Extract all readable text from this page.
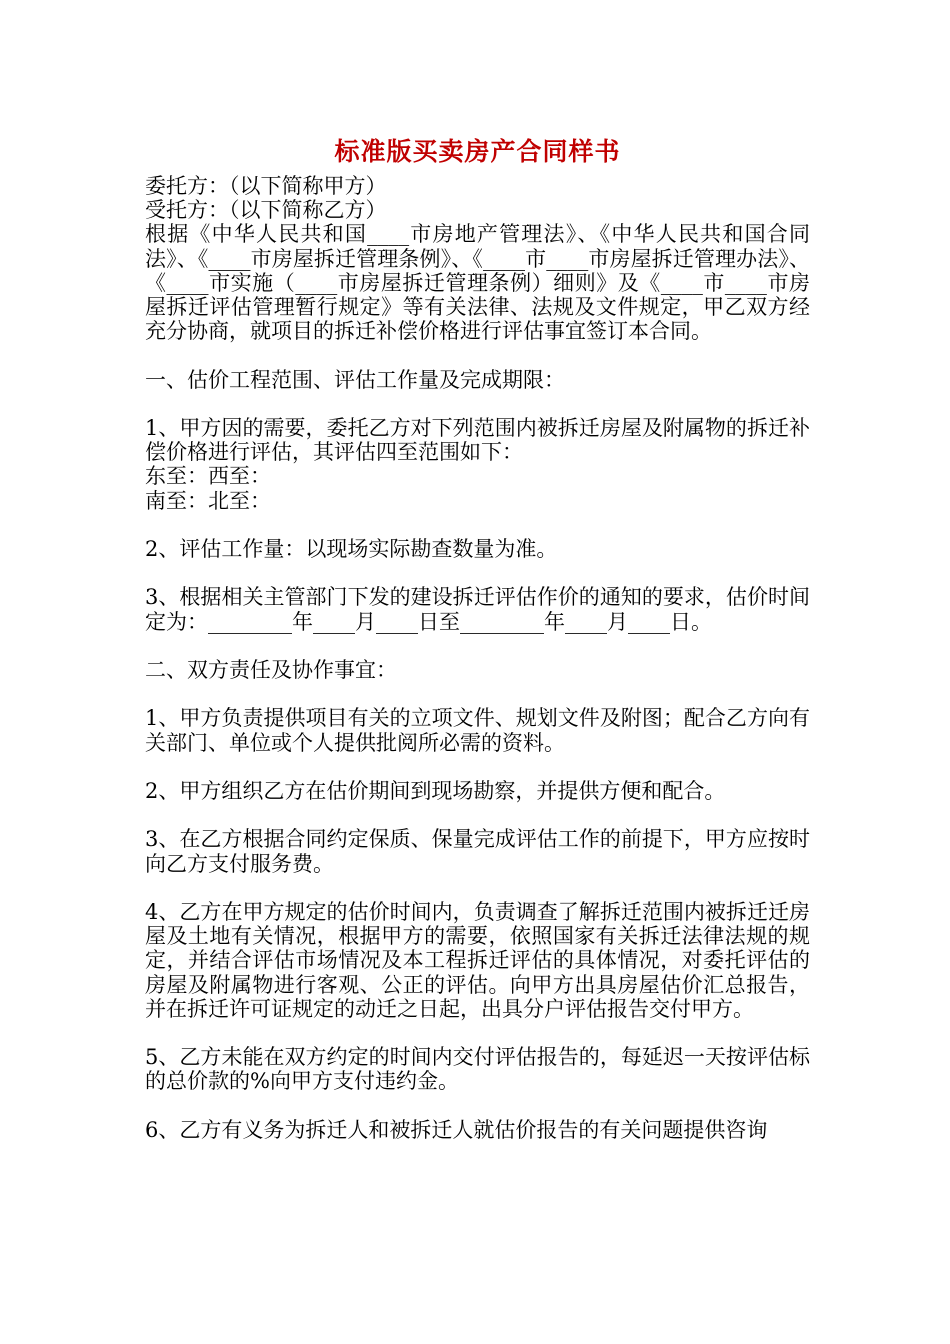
标准版买卖房产合同样书

委托方：（以下简称甲方）

受托方：（以下简称乙方）

根据《中华人民共和国____市房地产管理法》、《中华人民共和国合同法》、《____市房屋拆迁管理条例》、《____市____市房屋拆迁管理办法》、《____市实施（____市房屋拆迁管理条例）细则》及《____市____市房屋拆迁评估管理暂行规定》等有关法律、法规及文件规定，甲乙双方经充分协商，就项目的拆迁补偿价格进行评估事宜签订本合同。

一、估价工程范围、评估工作量及完成期限：

1、甲方因的需要，委托乙方对下列范围内被拆迁房屋及附属物的拆迁补偿价格进行评估，其评估四至范围如下：

东至：西至：

南至：北至：

2、评估工作量：以现场实际勘查数量为准。

3、根据相关主管部门下发的建设拆迁评估作价的通知的要求，估价时间定为：________年____月____日至________年____月____日。

二、双方责任及协作事宜：

1、甲方负责提供项目有关的立项文件、规划文件及附图；配合乙方向有关部门、单位或个人提供批阅所必需的资料。

2、甲方组织乙方在估价期间到现场勘察，并提供方便和配合。

3、在乙方根据合同约定保质、保量完成评估工作的前提下，甲方应按时向乙方支付服务费。

4、乙方在甲方规定的估价时间内，负责调查了解拆迁范围内被拆迁迁房屋及土地有关情况，根据甲方的需要，依照国家有关拆迁法律法规的规定，并结合评估市场情况及本工程拆迁评估的具体情况，对委托评估的房屋及附属物进行客观、公正的评估。向甲方出具房屋估价汇总报告，并在拆迁许可证规定的动迁之日起，出具分户评估报告交付甲方。

5、乙方未能在双方约定的时间内交付评估报告的，每延迟一天按评估标的总价款的%向甲方支付违约金。

6、乙方有义务为拆迁人和被拆迁人就估价报告的有关问题提供咨询
